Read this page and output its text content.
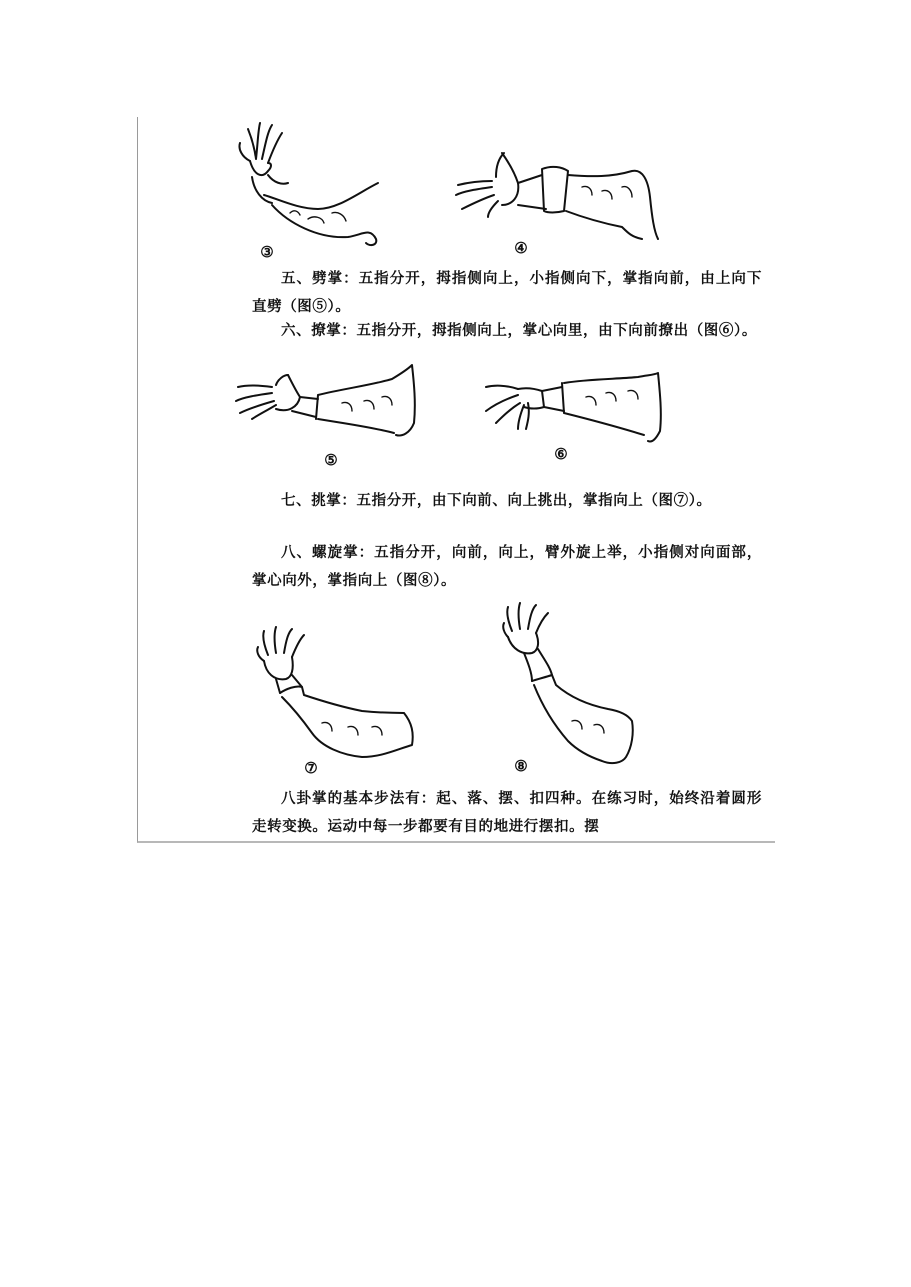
③	④

五、劈掌：五指分开，拇指侧向上，小指侧向下，掌指向前，由上向下直劈（图⑤）。

六、撩掌：五指分开，拇指侧向上，掌心向里，由下向前撩出（图⑥）。

⑤	⑥

七、挑掌：五指分开，由下向前、向上挑出，掌指向上（图⑦）。

八、螺旋掌：五指分开，向前，向上，臂外旋上举，小指侧对向面部，掌心向外，掌指向上（图⑧）。

⑦	⑧

八卦掌的基本步法有：起、落、摆、扣四种。在练习时，始终沿着圆形走转变换。运动中每一步都要有目的地进行摆扣。摆
